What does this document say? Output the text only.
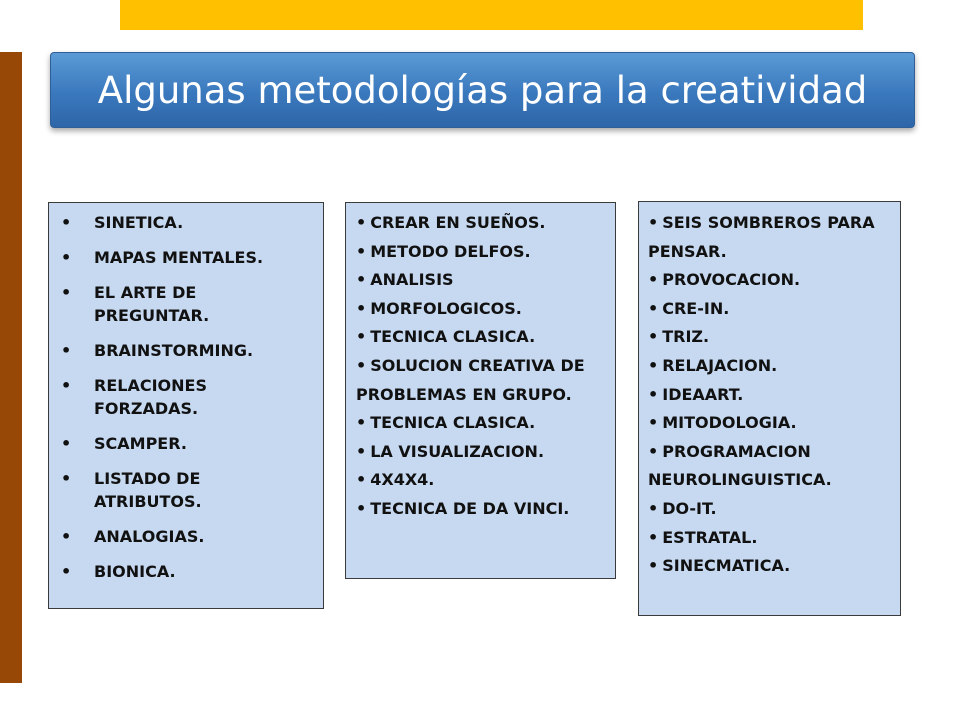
Algunas metodologías para la creatividad
• SINETICA.
• MAPAS MENTALES.
• EL ARTE DE PREGUNTAR.
• BRAINSTORMING.
• RELACIONES FORZADAS.
• SCAMPER.
• LISTADO DE ATRIBUTOS.
• ANALOGIAS.
• BIONICA.
• CREAR EN SUEÑOS.
• METODO DELFOS.
• ANALISIS
• MORFOLOGICOS.
• TECNICA CLASICA.
• SOLUCION CREATIVA DE PROBLEMAS EN GRUPO.
• TECNICA CLASICA.
• LA VISUALIZACION.
• 4X4X4.
• TECNICA DE DA VINCI.
• SEIS SOMBREROS PARA PENSAR.
• PROVOCACION.
• CRE-IN.
• TRIZ.
• RELAJACION.
• IDEAART.
• MITODOLOGIA.
• PROGRAMACION NEUROLINGUISTICA.
• DO-IT.
• ESTRATAL.
• SINECMATICA.
